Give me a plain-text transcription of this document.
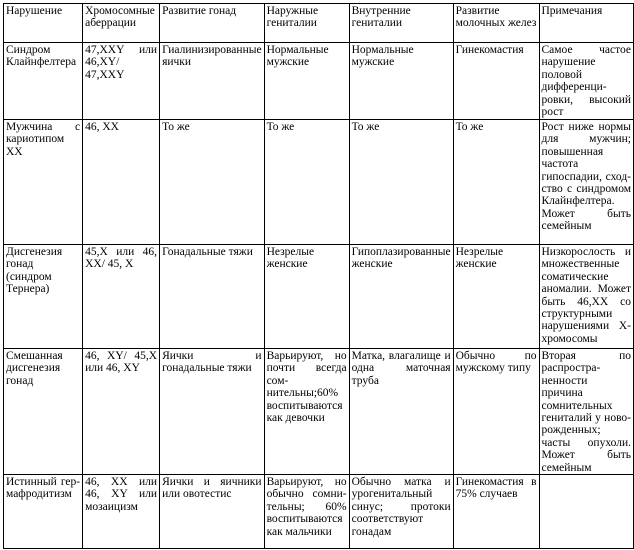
Нарушение	Хромосомные аберрации	Развитие гонад	Наружные гениталии	Внутренние гениталии	Развитие молочных желез	Примечания

Синдром Клайнфелтера	47,XXY или 46,XY/ 47,XXY	Гиалинизированные яички	Нормальные мужские	Нормальные мужские	Гинекомастия	Самое частое нарушение половой дифференци-ровки, высокий рост

Мужчина с кариотипом XX	46, XX	То же	То же	То же	То же	Рост ниже нормы для мужчин; повышенная частота гипоспадии, сход-ство с синдромом Клайнфелтера. Может быть семейным

Дисгенезия гонад (синдром Тернера)	45,X или 46, XX/ 45, X	Гонадальные тяжи	Незрелые женские	Гипоплазированные женские	Незрелые женские	Низкорослость и множественные соматические аномалии. Может быть 46,XX со структурными нарушениями X-хромосомы

Смешанная дисгенезия гонад	46, XY/ 45,X или 46, XY	Яички и гонадальные тяжи	Варьируют, но почти всегда сом-нительны;60% воспитываются как девочки	Матка, влагалище и одна маточная труба	Обычно по мужскому типу	Вторая по распростра-ненности причина сомнительных гениталий у ново-рожденных; часты опухоли. Может быть семейным

Истинный гер-мафродитизм	46, XX или 46, XY или мозаицизм	Яички и яичники или овотестис	Варьируют, но обычно сомни-тельны; 60% воспитываются как мальчики	Обычно матка и урогенитальный синус; протоки соответствуют гонадам	Гинекомастия в 75% случаев	
